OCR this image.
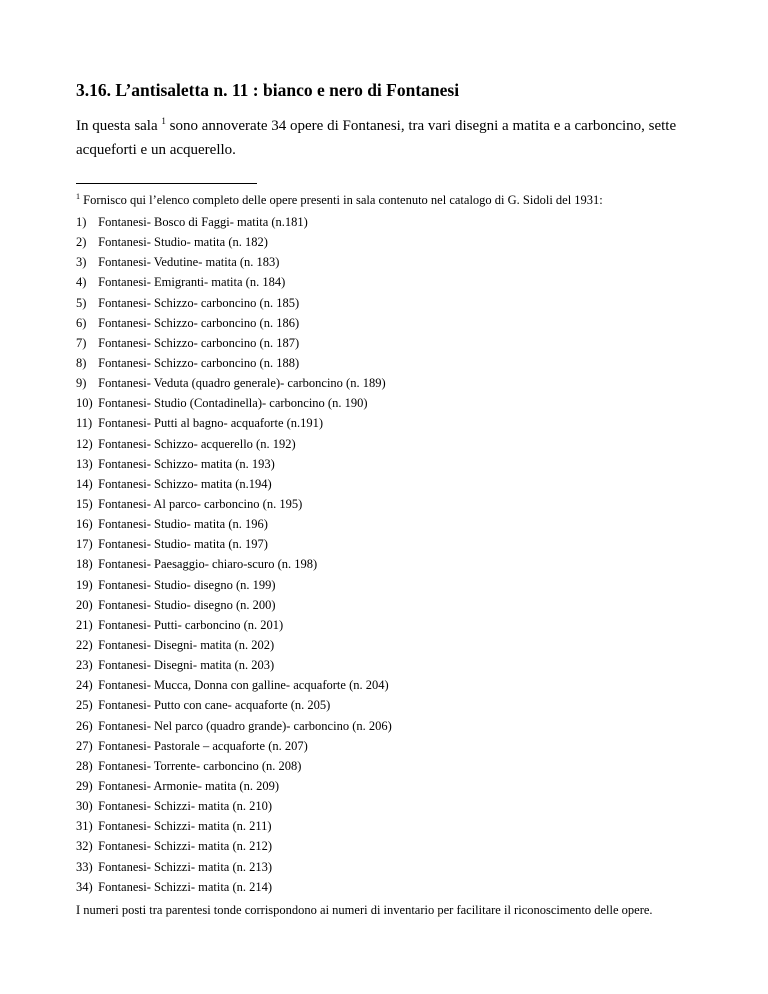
3.16. L’antisaletta n. 11 : bianco e nero di Fontanesi
In questa sala $^1$ sono annoverate 34 opere di Fontanesi, tra vari disegni a matita e a carboncino, sette
acqueforti e un acquerello.
$^1$ Fornisco qui l’elenco completo delle opere presenti in sala contenuto nel catalogo di G. Sidoli del 1931:
1) Fontanesi- Bosco di Faggi- matita (n.181)
2) Fontanesi- Studio- matita (n. 182)
3) Fontanesi- Vedutine- matita (n. 183)
4) Fontanesi- Emigranti- matita (n. 184)
5) Fontanesi- Schizzo- carboncino (n. 185)
6) Fontanesi- Schizzo- carboncino (n. 186)
7) Fontanesi- Schizzo- carboncino (n. 187)
8) Fontanesi- Schizzo- carboncino (n. 188)
9) Fontanesi- Veduta (quadro generale)- carboncino (n. 189)
10) Fontanesi- Studio (Contadinella)- carboncino (n. 190)
11) Fontanesi- Putti al bagno- acquaforte (n.191)
12) Fontanesi- Schizzo- acquerello (n. 192)
13) Fontanesi- Schizzo- matita (n. 193)
14) Fontanesi- Schizzo- matita (n.194)
15) Fontanesi- Al parco- carboncino (n. 195)
16) Fontanesi- Studio- matita (n. 196)
17) Fontanesi- Studio- matita (n. 197)
18) Fontanesi- Paesaggio- chiaro-scuro (n. 198)
19) Fontanesi- Studio- disegno (n. 199)
20) Fontanesi- Studio- disegno (n. 200)
21) Fontanesi- Putti- carboncino (n. 201)
22) Fontanesi- Disegni- matita (n. 202)
23) Fontanesi- Disegni- matita (n. 203)
24) Fontanesi- Mucca, Donna con galline- acquaforte (n. 204)
25) Fontanesi- Putto con cane- acquaforte (n. 205)
26) Fontanesi- Nel parco (quadro grande)- carboncino (n. 206)
27) Fontanesi- Pastorale – acquaforte (n. 207)
28) Fontanesi- Torrente- carboncino (n. 208)
29) Fontanesi- Armonie- matita (n. 209)
30) Fontanesi- Schizzi- matita (n. 210)
31) Fontanesi- Schizzi- matita (n. 211)
32) Fontanesi- Schizzi- matita (n. 212)
33) Fontanesi- Schizzi- matita (n. 213)
34) Fontanesi- Schizzi- matita (n. 214)
I numeri posti tra parentesi tonde corrispondono ai numeri di inventario per facilitare il riconoscimento delle opere.
